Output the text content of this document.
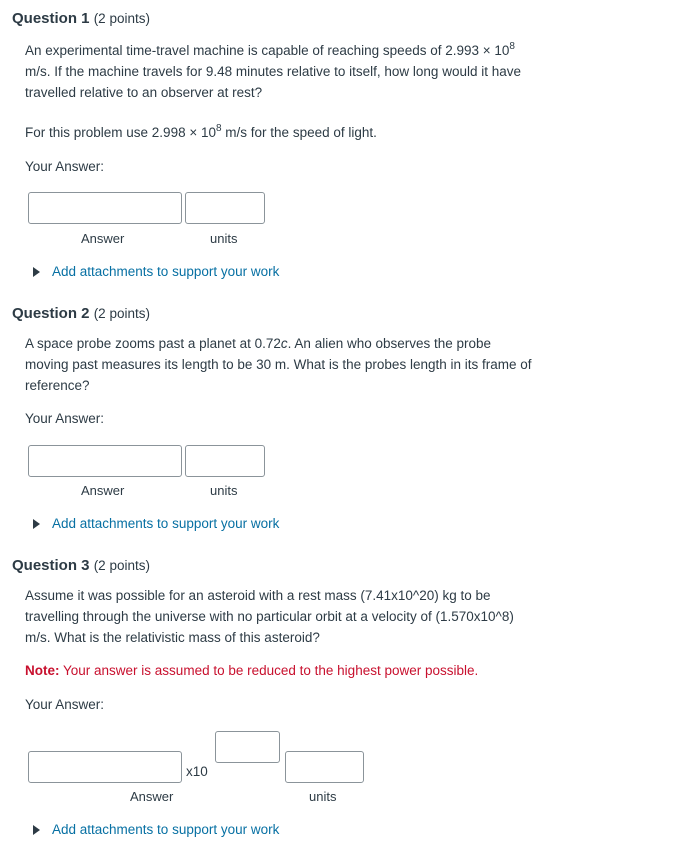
Question 1 (2 points)
An experimental time-travel machine is capable of reaching speeds of $2.993 \times 10^8$
m/s. If the machine travels for 9.48 minutes relative to itself, how long would it have
travelled relative to an observer at rest?
For this problem use $2.998 \times 10^8$ m/s for the speed of light.
Your Answer:
Answer	units
Add attachments to support your work
Question 2 (2 points)
A space probe zooms past a planet at 0.72c. An alien who observes the probe
moving past measures its length to be 30 m. What is the probes length in its frame of
reference?
Your Answer:
Answer	units
Add attachments to support your work
Question 3 (2 points)
Assume it was possible for an asteroid with a rest mass (7.41x10^20) kg to be
travelling through the universe with no particular orbit at a velocity of (1.570x10^8)
m/s. What is the relativistic mass of this asteroid?
Note: Your answer is assumed to be reduced to the highest power possible.
Your Answer:
x10
Answer	units
Add attachments to support your work
